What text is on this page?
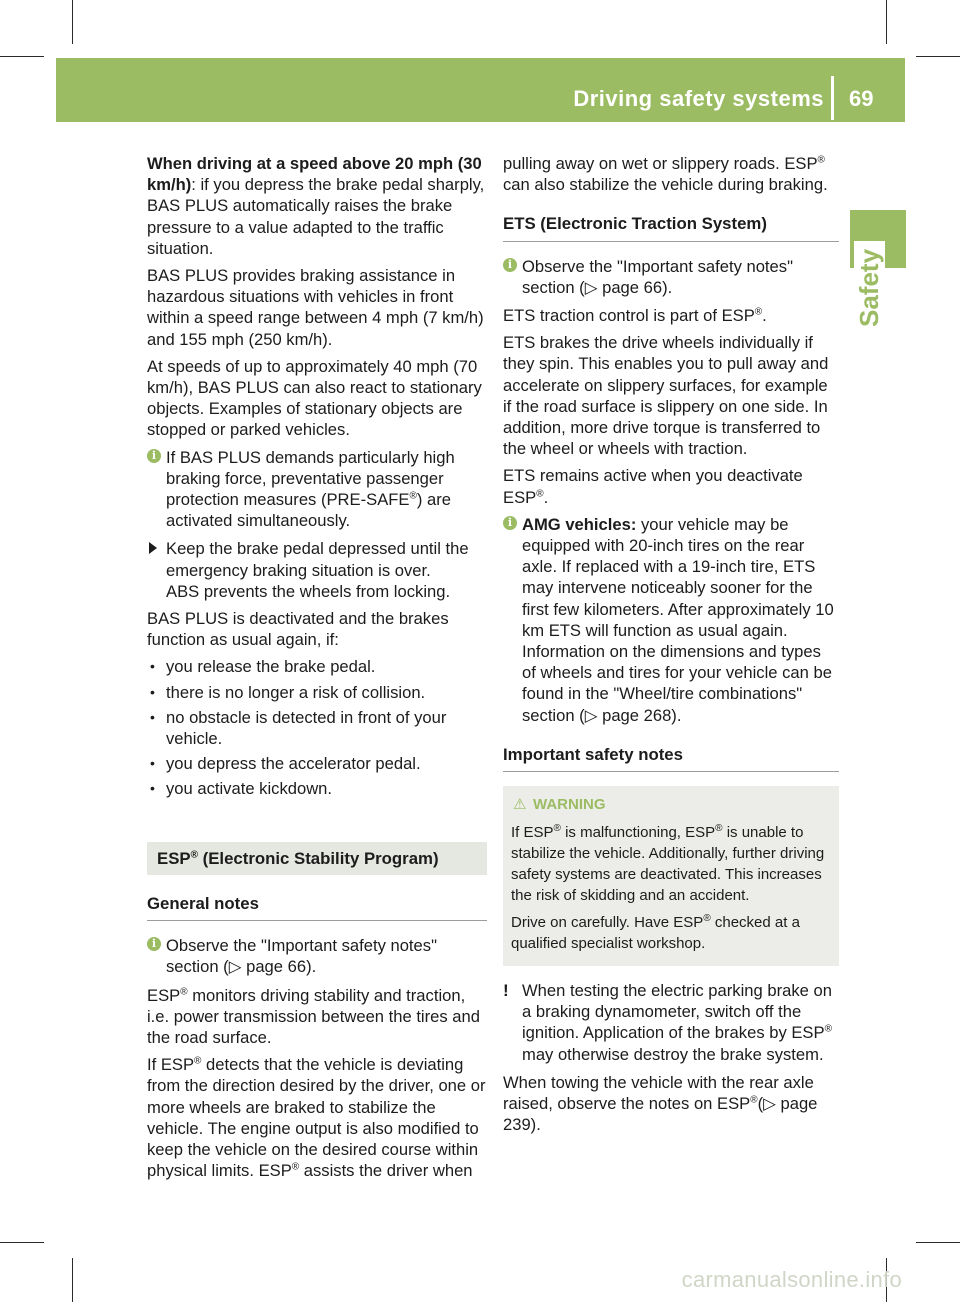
Driving safety systems 69
Safety

When driving at a speed above 20 mph (30 km/h): if you depress the brake pedal sharply, BAS PLUS automatically raises the brake pressure to a value adapted to the traffic situation.

BAS PLUS provides braking assistance in hazardous situations with vehicles in front within a speed range between 4 mph (7 km/h) and 155 mph (250 km/h).

At speeds of up to approximately 40 mph (70 km/h), BAS PLUS can also react to stationary objects. Examples of stationary objects are stopped or parked vehicles.

i If BAS PLUS demands particularly high braking force, preventative passenger protection measures (PRE-SAFE®) are activated simultaneously.
Keep the brake pedal depressed until the emergency braking situation is over.
ABS prevents the wheels from locking.

BAS PLUS is deactivated and the brakes function as usual again, if:

• you release the brake pedal.
• there is no longer a risk of collision.
• no obstacle is detected in front of your vehicle.
• you depress the accelerator pedal.
• you activate kickdown.
ESP® (Electronic Stability Program)
General notes
i Observe the "Important safety notes" section (▷ page 66).

ESP® monitors driving stability and traction, i.e. power transmission between the tires and the road surface.

If ESP® detects that the vehicle is deviating from the direction desired by the driver, one or more wheels are braked to stabilize the vehicle. The engine output is also modified to keep the vehicle on the desired course within physical limits. ESP® assists the driver when

pulling away on wet or slippery roads. ESP® can also stabilize the vehicle during braking.

ETS (Electronic Traction System)
i Observe the "Important safety notes" section (▷ page 66).

ETS traction control is part of ESP®.

ETS brakes the drive wheels individually if they spin. This enables you to pull away and accelerate on slippery surfaces, for example if the road surface is slippery on one side. In addition, more drive torque is transferred to the wheel or wheels with traction.

ETS remains active when you deactivate ESP®.

i AMG vehicles: your vehicle may be equipped with 20-inch tires on the rear axle. If replaced with a 19-inch tire, ETS may intervene noticeably sooner for the first few kilometers. After approximately 10 km ETS will function as usual again. Information on the dimensions and types of wheels and tires for your vehicle can be found in the "Wheel/tire combinations" section (▷ page 268).
Important safety notes
⚠ WARNING

If ESP® is malfunctioning, ESP® is unable to stabilize the vehicle. Additionally, further driving safety systems are deactivated. This increases the risk of skidding and an accident.

Drive on carefully. Have ESP® checked at a qualified specialist workshop.

! When testing the electric parking brake on a braking dynamometer, switch off the ignition. Application of the brakes by ESP® may otherwise destroy the brake system.

When towing the vehicle with the rear axle raised, observe the notes on ESP®(▷ page 239).

carmanualsonline.info
